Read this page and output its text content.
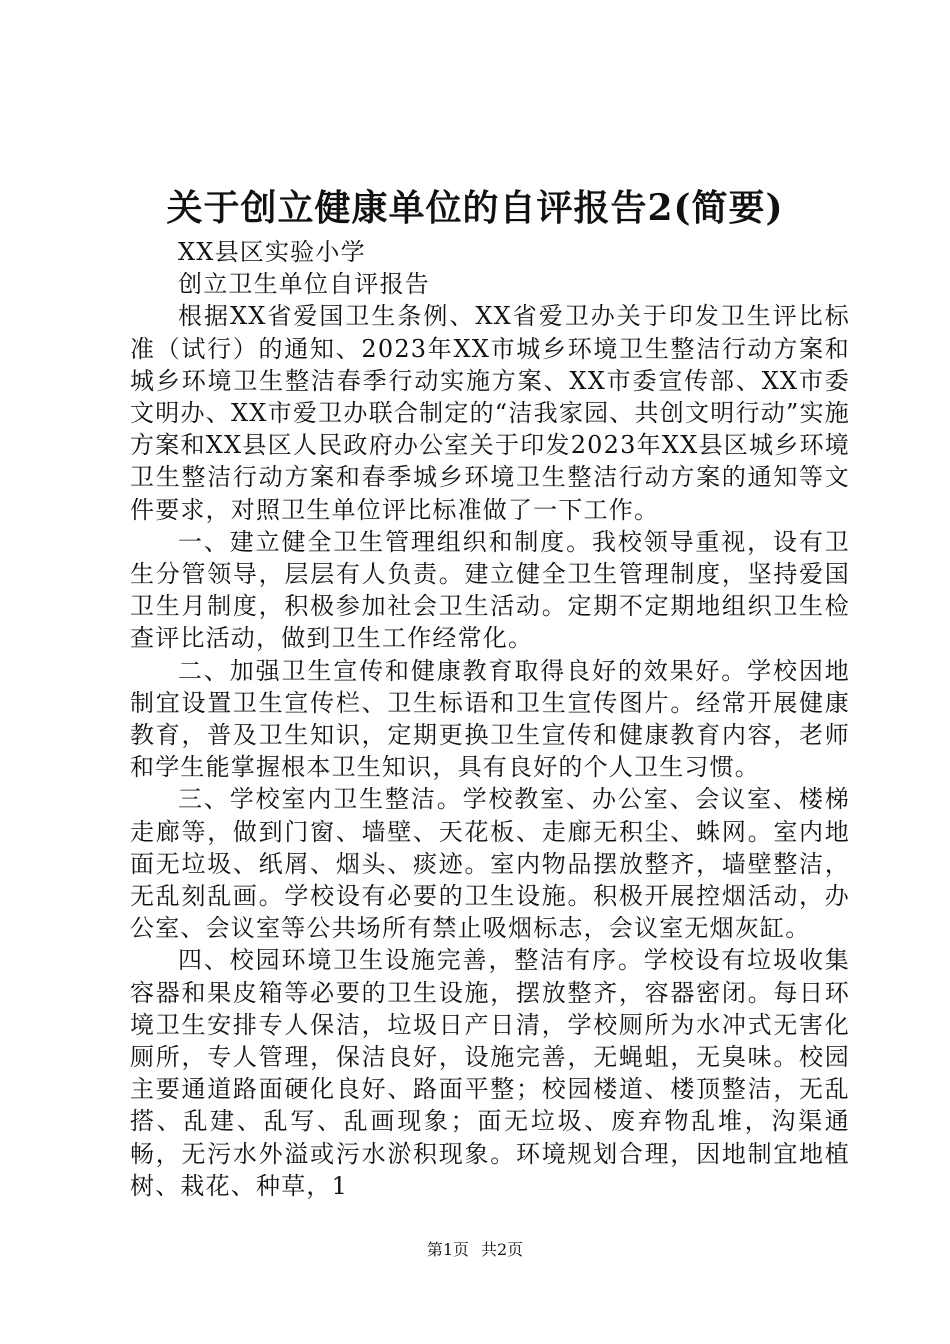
关于创立健康单位的自评报告2(简要)

XX县区实验小学

创立卫生单位自评报告

根据XX省爱国卫生条例、XX省爱卫办关于印发卫生评比标准（试行）的通知、2023年XX市城乡环境卫生整洁行动方案和城乡环境卫生整洁春季行动实施方案、XX市委宣传部、XX市委文明办、XX市爱卫办联合制定的“洁我家园、共创文明行动”实施方案和XX县区人民政府办公室关于印发2023年XX县区城乡环境卫生整洁行动方案和春季城乡环境卫生整洁行动方案的通知等文件要求，对照卫生单位评比标准做了一下工作。

一、建立健全卫生管理组织和制度。我校领导重视，设有卫生分管领导，层层有人负责。建立健全卫生管理制度，坚持爱国卫生月制度，积极参加社会卫生活动。定期不定期地组织卫生检查评比活动，做到卫生工作经常化。

二、加强卫生宣传和健康教育取得良好的效果好。学校因地制宜设置卫生宣传栏、卫生标语和卫生宣传图片。经常开展健康教育，普及卫生知识，定期更换卫生宣传和健康教育内容，老师和学生能掌握根本卫生知识，具有良好的个人卫生习惯。

三、学校室内卫生整洁。学校教室、办公室、会议室、楼梯走廊等，做到门窗、墙壁、天花板、走廊无积尘、蛛网。室内地面无垃圾、纸屑、烟头、痰迹。室内物品摆放整齐，墙壁整洁，无乱刻乱画。学校设有必要的卫生设施。积极开展控烟活动，办公室、会议室等公共场所有禁止吸烟标志，会议室无烟灰缸。

四、校园环境卫生设施完善，整洁有序。学校设有垃圾收集容器和果皮箱等必要的卫生设施，摆放整齐，容器密闭。每日环境卫生安排专人保洁，垃圾日产日清，学校厕所为水冲式无害化厕所，专人管理，保洁良好，设施完善，无蝇蛆，无臭味。校园主要通道路面硬化良好、路面平整；校园楼道、楼顶整洁，无乱搭、乱建、乱写、乱画现象；面无垃圾、废弃物乱堆，沟渠通畅，无污水外溢或污水淤积现象。环境规划合理，因地制宜地植树、栽花、种草，1

第1页 共2页
